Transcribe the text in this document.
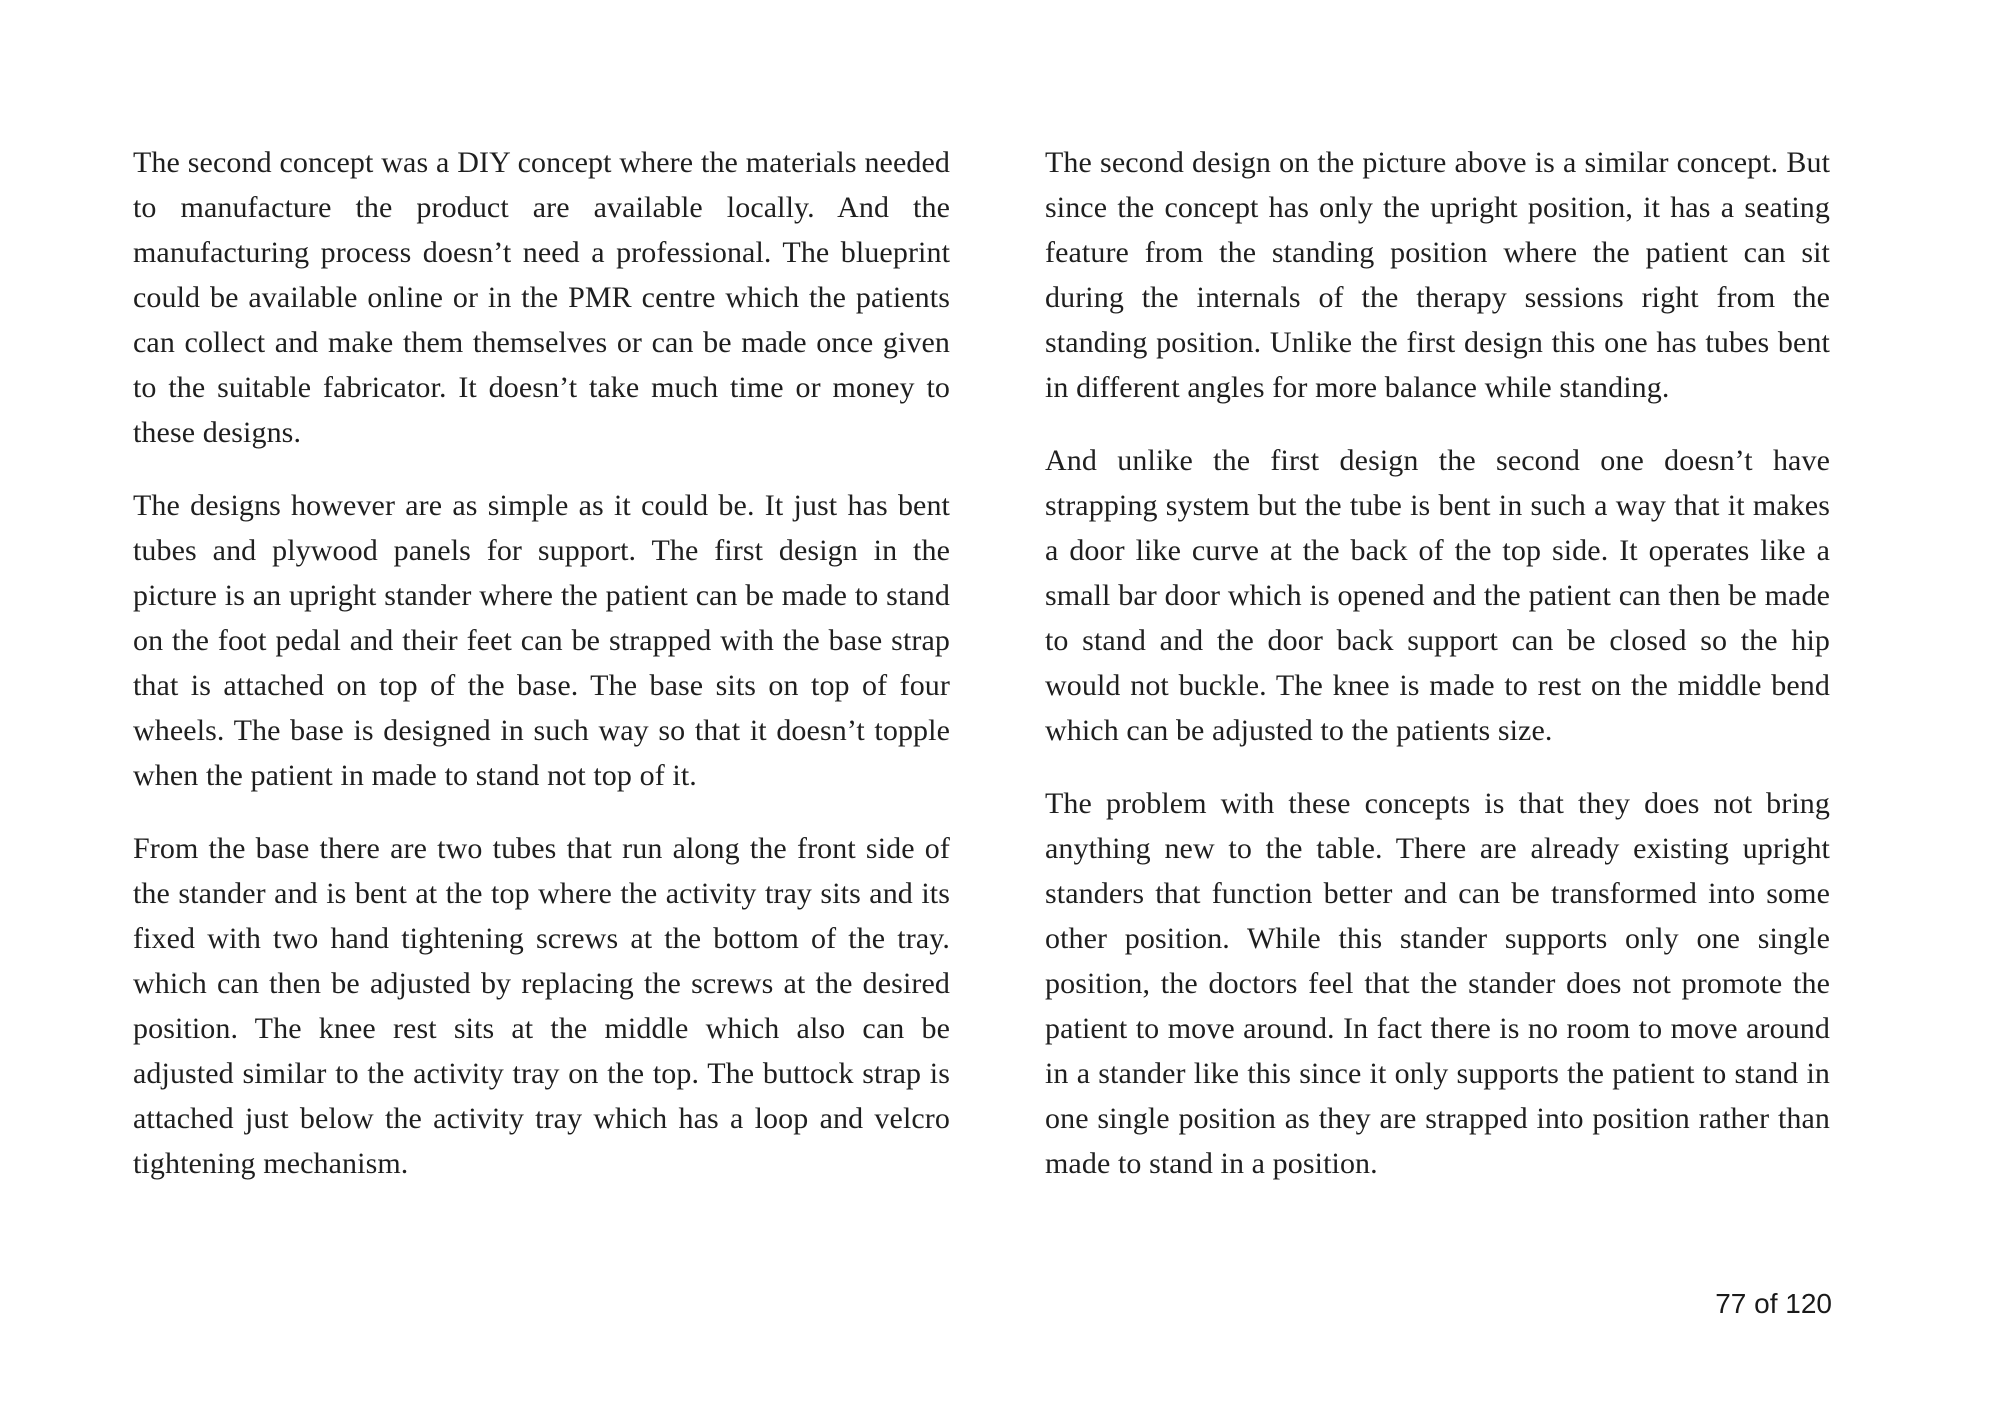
The second concept was a DIY concept where the materials needed to manufacture the product are available locally. And the manufacturing process doesn’t need a professional. The blueprint could be available online or in the PMR centre which the patients can collect and make them themselves or can be made once given to the suitable fabricator. It doesn’t take much time or money to these designs.

The designs however are as simple as it could be. It just has bent tubes and plywood panels for support. The first design in the picture is an upright stander where the patient can be made to stand on the foot pedal and their feet can be strapped with the base strap that is attached on top of the base. The base sits on top of four wheels. The base is designed in such way so that it doesn’t topple when the patient in made to stand not top of it.

From the base there are two tubes that run along the front side of the stander and is bent at the top where the activity tray sits and its fixed with two hand tightening screws at the bottom of the tray. which can then be adjusted by replacing the screws at the desired position. The knee rest sits at the middle which also can be adjusted similar to the activity tray on the top. The buttock strap is attached just below the activity tray which has a loop and velcro tightening mechanism.

The second design on the picture above is a similar concept. But since the concept has only the upright position, it has a seating feature from the standing position where the patient can sit during the internals of the therapy sessions right from the standing position. Unlike the first design this one has tubes bent in different angles for more balance while standing.

And unlike the first design the second one doesn’t have strapping system but the tube is bent in such a way that it makes a door like curve at the back of the top side. It operates like a small bar door which is opened and the patient can then be made to stand and the door back support can be closed so the hip would not buckle. The knee is made to rest on the middle bend which can be adjusted to the patients size.

The problem with these concepts is that they does not bring anything new to the table. There are already existing upright standers that function better and can be transformed into some other position. While this stander supports only one single position, the doctors feel that the stander does not promote the patient to move around. In fact there is no room to move around in a stander like this since it only supports the patient to stand in one single position as they are strapped into position rather than made to stand in a position.

77 of 120
